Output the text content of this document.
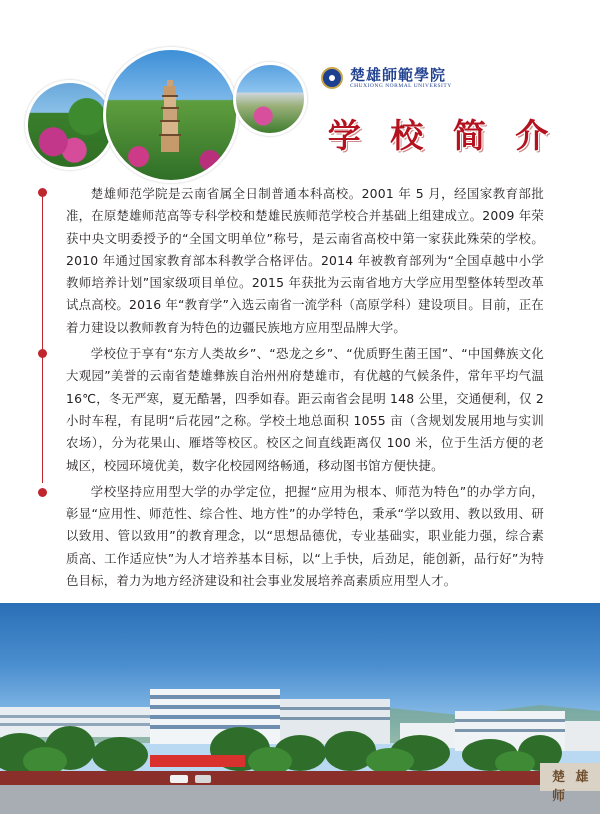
楚雄師範學院
CHUXIONG NORMAL UNIVERSITY
学 校 简 介

楚雄师范学院是云南省属全日制普通本科高校。2001 年 5 月，经国家教育部批准，在原楚雄师范高等专科学校和楚雄民族师范学校合并基础上组建成立。2009 年荣获中央文明委授予的“全国文明单位”称号，是云南省高校中第一家获此殊荣的学校。2010 年通过国家教育部本科教学合格评估。2014 年被教育部列为“全国卓越中小学教师培养计划”国家级项目单位。2015 年获批为云南省地方大学应用型整体转型改革试点高校。2016 年“教育学”入选云南省一流学科（高原学科）建设项目。目前，正在着力建设以教师教育为特色的边疆民族地方应用型品牌大学。

学校位于享有“东方人类故乡”、“恐龙之乡”、“优质野生菌王国”、“中国彝族文化大观园”美誉的云南省楚雄彝族自治州州府楚雄市，有优越的气候条件，常年平均气温 16℃，冬无严寒，夏无酷暑，四季如春。距云南省会昆明 148 公里，交通便利，仅 2 小时车程，有昆明“后花园”之称。学校土地总面积 1055 亩（含规划发展用地与实训农场），分为花果山、雁塔等校区。校区之间直线距离仅 100 米，位于生活方便的老城区，校园环境优美，数字化校园网络畅通，移动图书馆方便快捷。

学校坚持应用型大学的办学定位，把握“应用为根本、师范为特色”的办学方向，彰显“应用性、师范性、综合性、地方性”的办学特色，秉承“学以致用、教以致用、研以致用、管以致用”的教育理念，以“思想品德优，专业基础实，职业能力强，综合素质高、工作适应快”为人才培养基本目标，以“上手快，后劲足，能创新，品行好”为特色目标，着力为地方经济建设和社会事业发展培养高素质应用型人才。

楚 雄 师
